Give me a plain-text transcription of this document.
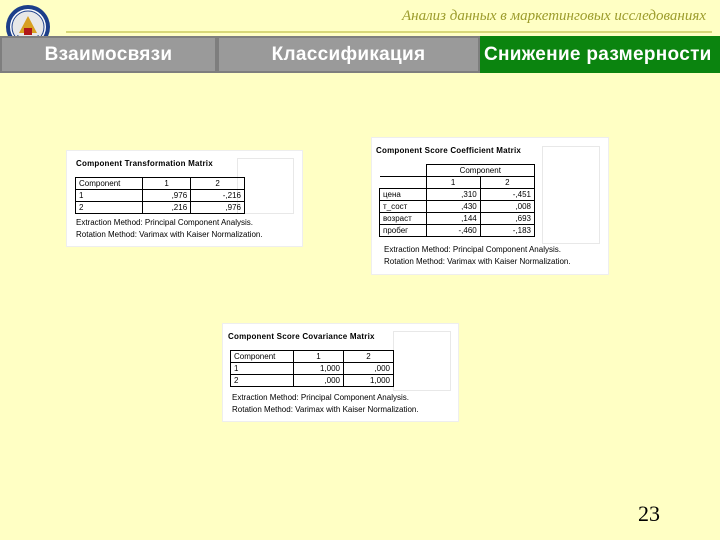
Анализ данных в маркетинговых исследованиях
Взаимосвязи	Классификация	Снижение размерности
Component Transformation Matrix
Component	1	2
1	,976	-,216
2	,216	,976
Extraction Method: Principal Component Analysis.
Rotation Method: Varimax with Kaiser Normalization.
Component Score Coefficient Matrix
	Component	
	1	2
цена	,310	-,451
т_сост	,430	,008
возраст	,144	,693
пробег	-,460	-,183
Extraction Method: Principal Component Analysis.
Rotation Method: Varimax with Kaiser Normalization.
Component Score Covariance Matrix
Component	1	2
1	1,000	,000
2	,000	1,000
Extraction Method: Principal Component Analysis.
Rotation Method: Varimax with Kaiser Normalization.
23
